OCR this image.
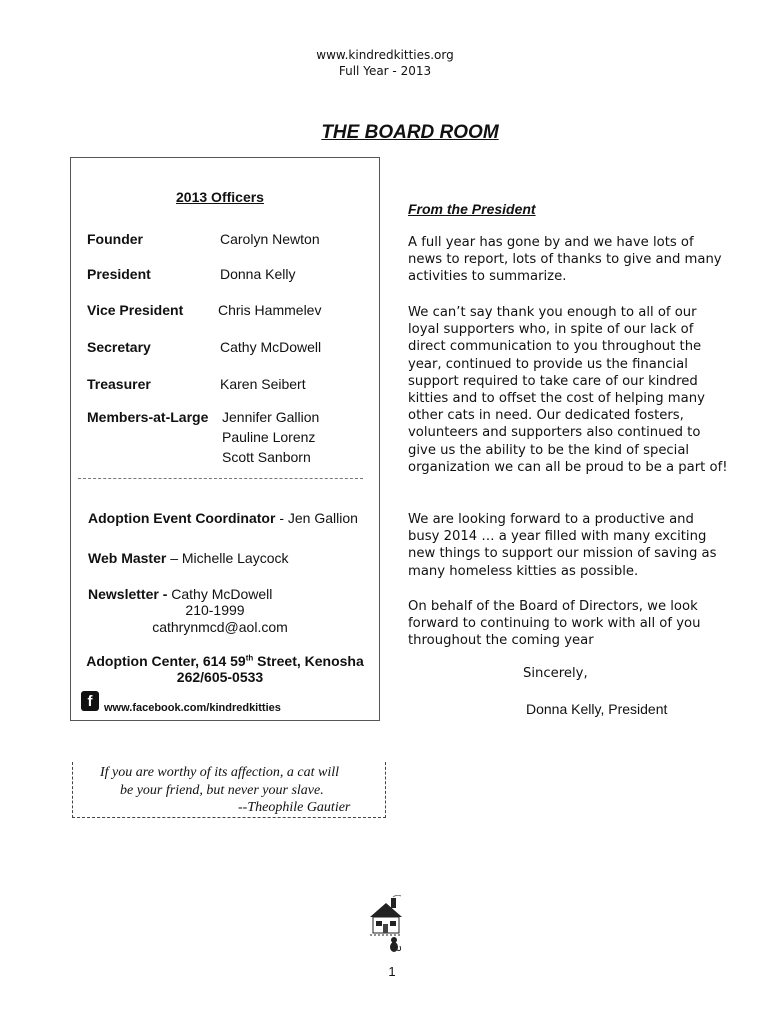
www.kindredkitties.org
Full Year - 2013
THE BOARD ROOM
2013 Officers
Founder	Carolyn Newton
President	Donna Kelly
Vice President Chris Hammelev
Secretary	Cathy McDowell
Treasurer	Karen Seibert
Members-at-Large Jennifer Gallion
Pauline Lorenz
Scott Sanborn
Adoption Event Coordinator - Jen Gallion
Web Master – Michelle Laycock
Newsletter - Cathy McDowell
210-1999
cathrynmcd@aol.com
Adoption Center, 614 59th Street, Kenosha
262/605-0533
f	www.facebook.com/kindredkitties
From the President
A full year has gone by and we have lots of news to report, lots of thanks to give and many activities to summarize.
We can’t say thank you enough to all of our loyal supporters who, in spite of our lack of direct communication to you throughout the year, continued to provide us the financial support required to take care of our kindred kitties and to offset the cost of helping many other cats in need. Our dedicated fosters, volunteers and supporters also continued to give us the ability to be the kind of special organization we can all be proud to be a part of!
We are looking forward to a productive and busy 2014 … a year filled with many exciting new things to support our mission of saving as many homeless kitties as possible.
On behalf of the Board of Directors, we look forward to continuing to work with all of you throughout the coming year
Sincerely,
Donna Kelly, President
If you are worthy of its affection, a cat will
be your friend, but never your slave.
--Theophile Gautier
1
